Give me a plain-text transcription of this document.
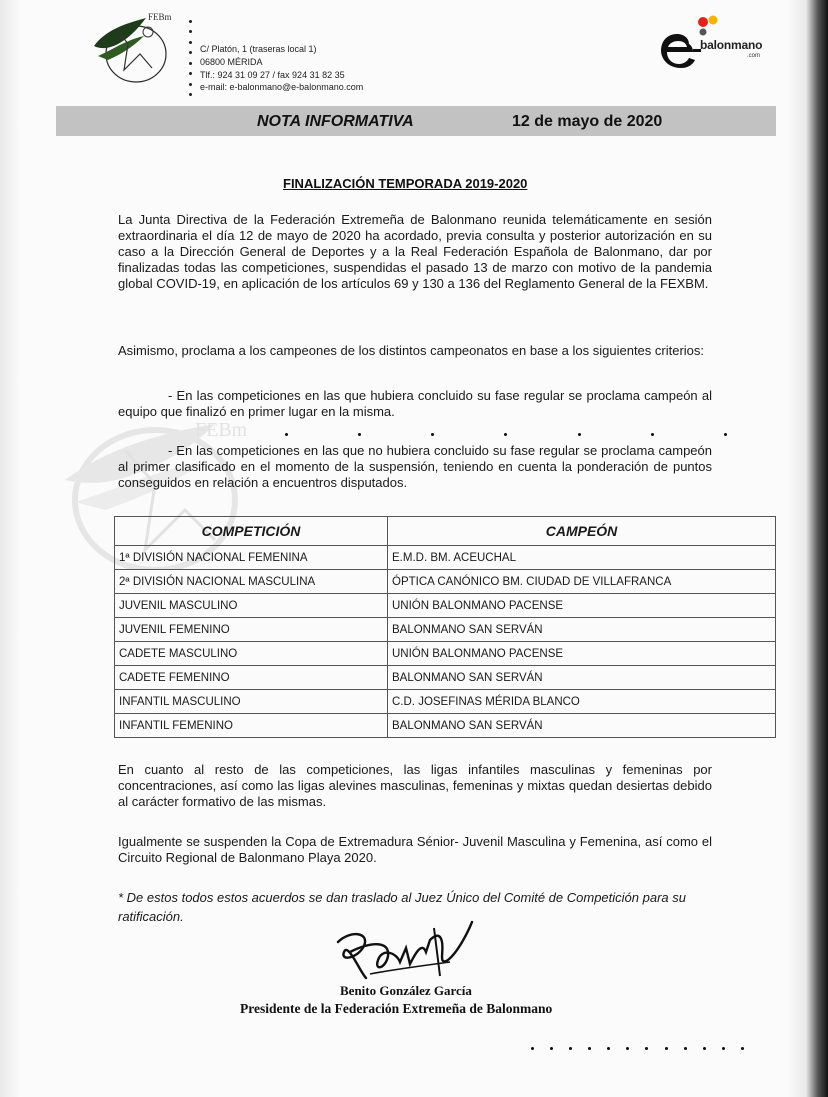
FEBm
C/ Platón, 1 (traseras local 1)
06800 MÉRIDA
Tlf.: 924 31 09 27 / fax 924 31 82 35
e-mail: e-balonmano@e-balonmano.com
balonmano
.com
NOTA INFORMATIVA	12 de mayo de 2020
FEBm
FINALIZACIÓN TEMPORADA 2019-2020
La Junta Directiva de la Federación Extremeña de Balonmano reunida telemáticamente en sesión extraordinaria el día 12 de mayo de 2020 ha acordado, previa consulta y posterior autorización en su caso a la Dirección General de Deportes y a la Real Federación Española de Balonmano, dar por finalizadas todas las competiciones, suspendidas el pasado 13 de marzo con motivo de la pandemia global COVID-19, en aplicación de los artículos 69 y 130 a 136 del Reglamento General de la FEXBM.
Asimismo, proclama a los campeones de los distintos campeonatos en base a los siguientes criterios:
- En las competiciones en las que hubiera concluido su fase regular se proclama campeón al equipo que finalizó en primer lugar en la misma.
- En las competiciones en las que no hubiera concluido su fase regular se proclama campeón al primer clasificado en el momento de la suspensión, teniendo en cuenta la ponderación de puntos conseguidos en relación a encuentros disputados.
COMPETICIÓN	CAMPEÓN
1ª DIVISIÓN NACIONAL FEMENINA	E.M.D. BM. ACEUCHAL
2ª DIVISIÓN NACIONAL MASCULINA	ÓPTICA CANÓNICO BM. CIUDAD DE VILLAFRANCA
JUVENIL MASCULINO	UNIÓN BALONMANO PACENSE
JUVENIL FEMENINO	BALONMANO SAN SERVÁN
CADETE MASCULINO	UNIÓN BALONMANO PACENSE
CADETE FEMENINO	BALONMANO SAN SERVÁN
INFANTIL MASCULINO	C.D. JOSEFINAS MÉRIDA BLANCO
INFANTIL FEMENINO	BALONMANO SAN SERVÁN
En cuanto al resto de las competiciones, las ligas infantiles masculinas y femeninas por concentraciones, así como las ligas alevines masculinas, femeninas y mixtas quedan desiertas debido al carácter formativo de las mismas.
Igualmente se suspenden la Copa de Extremadura Sénior- Juvenil Masculina y Femenina, así como el Circuito Regional de Balonmano Playa 2020.
* De estos todos estos acuerdos se dan traslado al Juez Único del Comité de Competición para su ratificación.
Benito González García
Presidente de la Federación Extremeña de Balonmano
